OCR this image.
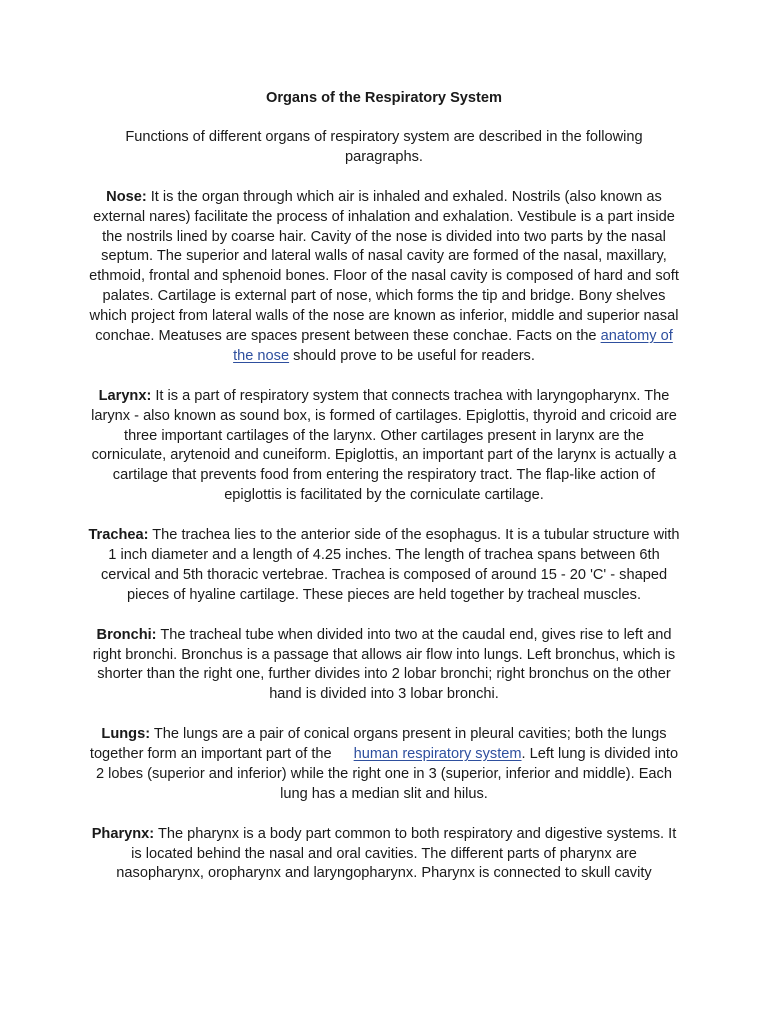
Organs of the Respiratory System

Functions of different organs of respiratory system are described in the following paragraphs.

Nose: It is the organ through which air is inhaled and exhaled. Nostrils (also known as external nares) facilitate the process of inhalation and exhalation. Vestibule is a part inside the nostrils lined by coarse hair. Cavity of the nose is divided into two parts by the nasal septum. The superior and lateral walls of nasal cavity are formed of the nasal, maxillary, ethmoid, frontal and sphenoid bones. Floor of the nasal cavity is composed of hard and soft palates. Cartilage is external part of nose, which forms the tip and bridge. Bony shelves which project from lateral walls of the nose are known as inferior, middle and superior nasal conchae. Meatuses are spaces present between these conchae. Facts on the anatomy of the nose should prove to be useful for readers.

Larynx: It is a part of respiratory system that connects trachea with laryngopharynx. The larynx - also known as sound box, is formed of cartilages. Epiglottis, thyroid and cricoid are three important cartilages of the larynx. Other cartilages present in larynx are the corniculate, arytenoid and cuneiform. Epiglottis, an important part of the larynx is actually a cartilage that prevents food from entering the respiratory tract. The flap-like action of epiglottis is facilitated by the corniculate cartilage.

Trachea: The trachea lies to the anterior side of the esophagus. It is a tubular structure with 1 inch diameter and a length of 4.25 inches. The length of trachea spans between 6th cervical and 5th thoracic vertebrae. Trachea is composed of around 15 - 20 'C' - shaped pieces of hyaline cartilage. These pieces are held together by tracheal muscles.

Bronchi: The tracheal tube when divided into two at the caudal end, gives rise to left and right bronchi. Bronchus is a passage that allows air flow into lungs. Left bronchus, which is shorter than the right one, further divides into 2 lobar bronchi; right bronchus on the other hand is divided into 3 lobar bronchi.

Lungs: The lungs are a pair of conical organs present in pleural cavities; both the lungs together form an important part of the human respiratory system. Left lung is divided into 2 lobes (superior and inferior) while the right one in 3 (superior, inferior and middle). Each lung has a median slit and hilus.

Pharynx: The pharynx is a body part common to both respiratory and digestive systems. It is located behind the nasal and oral cavities. The different parts of pharynx are nasopharynx, oropharynx and laryngopharynx. Pharynx is connected to skull cavity
